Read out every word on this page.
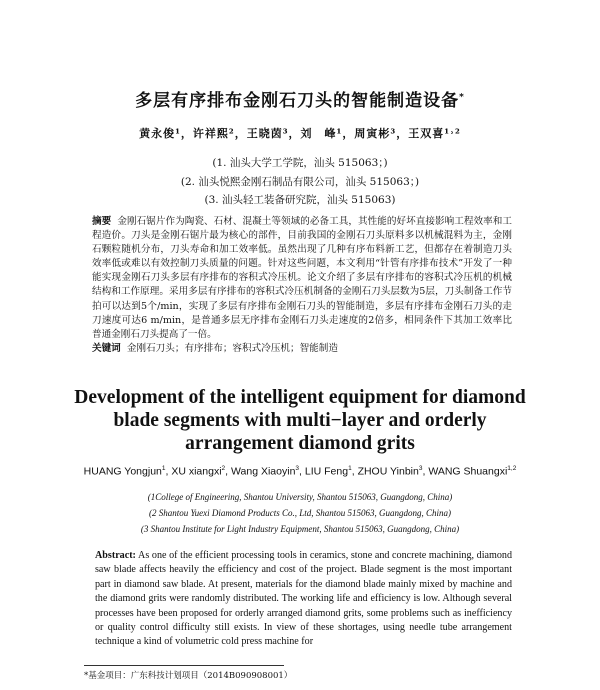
多层有序排布金刚石刀头的智能制造设备*
黄永俊¹，许祥熙²，王晓茵³，刘　峰¹，周寅彬³，王双喜¹˒²
(1. 汕头大学工学院，汕头 515063；)
(2. 汕头悦熙金刚石制品有限公司，汕头 515063；)
(3. 汕头轻工装备研究院，汕头 515063)
摘要 金刚石锯片作为陶瓷、石材、混凝土等领域的必备工具，其性能的好坏直接影响工程效率和工程造价。刀头是金刚石锯片最为核心的部件，目前我国的金刚石刀头原料多以机械混料为主，金刚石颗粒随机分布，刀头寿命和加工效率低。虽然出现了几种有序布料新工艺，但都存在着制造刀头效率低或难以有效控制刀头质量的问题。针对这些问题，本文利用“针管有序排布技术”开发了一种能实现金刚石刀头多层有序排布的容积式冷压机。论文介绍了多层有序排布的容积式冷压机的机械结构和工作原理。采用多层有序排布的容积式冷压机制备的金刚石刀头层数为5层，刀头制备工作节拍可以达到5个/min，实现了多层有序排布金刚石刀头的智能制造，多层有序排布金刚石刀头的走刀速度可达6 m/min，是普通多层无序排布金刚石刀头走速度的2倍多，相同条件下其加工效率比普通金刚石刀头提高了一倍。
关键词 金刚石刀头；有序排布；容积式冷压机；智能制造
Development of the intelligent equipment for diamond
blade segments with multi−layer and orderly
arrangement diamond grits
HUANG Yongjun$^1$, XU xiangxi$^2$, Wang Xiaoyin$^3$, LIU Feng$^1$, ZHOU Yinbin$^3$, WANG Shuangxi$^{1,2}$
(1College of Engineering, Shantou University, Shantou 515063, Guangdong, China)
(2 Shantou Yuexi Diamond Products Co., Ltd, Shantou 515063, Guangdong, China)
(3 Shantou Institute for Light Industry Equipment, Shantou 515063, Guangdong, China)
Abstract: As one of the efficient processing tools in ceramics, stone and concrete machining, diamond saw blade affects heavily the efficiency and cost of the project. Blade segment is the most important part in diamond saw blade. At present, materials for the diamond blade mainly mixed by machine and the diamond grits were randomly distributed. The working life and efficiency is low. Although several processes have been proposed for orderly arranged diamond grits, some problems such as inefficiency or quality control difficulty still exists. In view of these shortages, using needle tube arrangement technique a kind of volumetric cold press machine for
*基金项目：广东科技计划项目（2014B090908001）
